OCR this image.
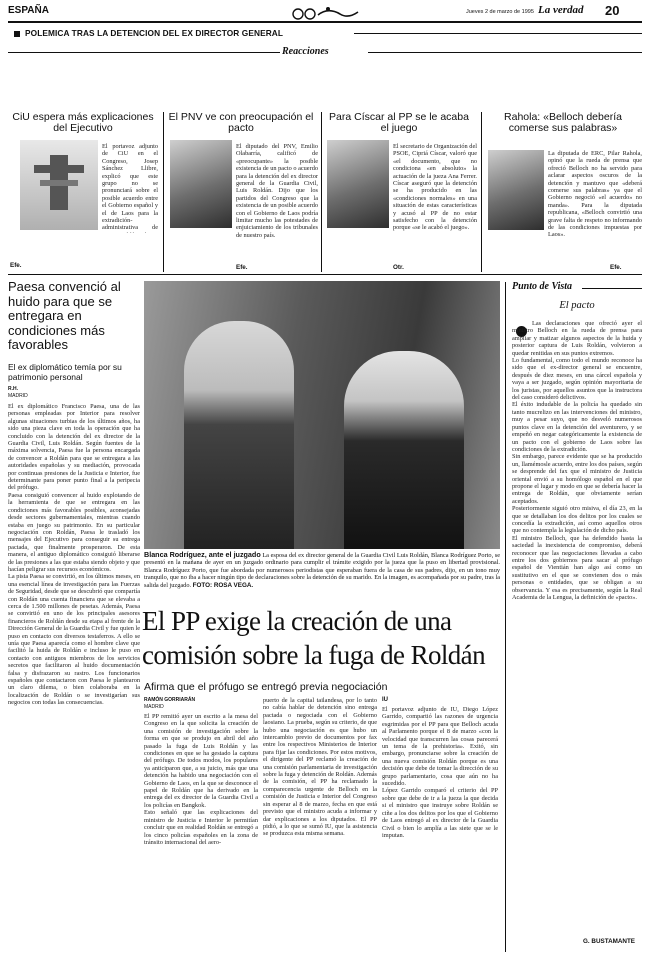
ESPAÑA	Jueves 2 de marzo de 1995 La verdad 20
POLEMICA TRAS LA DETENCION DEL EX DIRECTOR GENERAL
Reacciones
CiU espera más explicaciones del Ejecutivo
El portavoz adjunto de CiU en el Congreso, Josep Sánchez Llibre, explicó que este grupo no se pronunciará sobre el posible acuerdo entre el Gobierno español y el de Laos para la extradición-administrativa de
Efe.
El PNV ve con preocupación el pacto
El diputado del PNV, Emilio Olabarría, calificó de «preocupante» la posible existencia de un pacto o acuerdo para la detención del ex director general de la Guardia Civil, Luis Roldán. Dijo que los partidos del Congreso que la existencia de un posible acuerdo con el Gobierno de Laos podría limitar mucho las potestades de enjuiciamiento de los tribunales de nuestro país.
Efe.
Para Císcar al PP se le acaba el juego
El secretario de Organización del PSOE, Cipriá Císcar, valoró que «el documento, que no condiciona «en absoluto» la actuación de la jueza Ana Ferrer. Císcar aseguró que la detención se ha producido en las «condiciones normales» en una situación de estas características y acusó al PP de no estar satisfecho con la detención porque «se le acabó el juego».
Otr.
Rahola: «Belloch debería comerse sus palabras»
La diputada de ERC, Pilar Rahola, opinó que la rueda de prensa que ofreció Belloch no ha servido para aclarar aspectos oscuros de la detención y mantuvo que «deberá comerse sus palabras» ya que el Gobierno negoció «el acuerdo» no manda». Para la diputada republicana, «Belloch convirtió una grave falta de respeto no informando de las condiciones impuestas por Laos».
Efe.
Paesa convenció al huido para que se entregara en condiciones más favorables
El ex diplomático temía por su patrimonio personal
R.H.
MADRID
El ex diplomático Francisco Paesa, una de las personas empleadas por Interior para resolver algunas situaciones turbias de los últimos años, ha sido una pieza clave en toda la operación que ha concluido con la detención del ex director de la Guardia Civil, Luis Roldán. Según fuentes de la máxima solvencia, Paesa fue la persona encargada de convencer a Roldán para que se entregara a las autoridades españolas y su mediación, provocada por continuas presiones de la Justicia e Interior, fue determinante para poner punto final a la peripecia del prófugo.
Paesa consiguió convencer al huido explotando de la herramienta de que se entregara en las condiciones más favorables posibles, aconsejadas desde sectores gubernamentales, mientras cuando estaba en juego su patrimonio. En su particular negociación con Roldán, Paesa le trasladó los mensajes del Ejecutivo para conseguir su entrega pactada, que finalmente prosperaron. De esta manera, el antiguo diplomático consiguió liberarse de las presiones a las que estaba siendo objeto y que hacían peligrar sus recursos económicos.
La pista Paesa se convirtió, en los últimos meses, en una esencial línea de investigación para las Fuerzas de Seguridad, desde que se descubrió que compartía con Roldán una cuenta financiera que se elevaba a cerca de 1.500 millones de pesetas. Además, Paesa se convirtió en uno de los principales asesores financieros de Roldán desde su etapa al frente de la Dirección General de la Guardia Civil y fue quien le puso en contacto con diversos testaferros. A ello se unía que Paesa aparecía como el hombre clave que facilitó la huida de Roldán e incluso le puso en contacto con antiguos miembros de los servicios secretos que facilitaron al huido documentación falsa y disfrazaron su rastro. Los funcionarios españoles que contactaron con Paesa le plantearon un claro dilema, o bien colaboraba en la localización de Roldán o se investigarían sus negocios con todas las consecuencias.
Blanca Rodríguez, ante el juzgado La esposa del ex director general de la Guardia Civil Luis Roldán, Blanca Rodríguez Porto, se presentó en la mañana de ayer en un juzgado ordinario para cumplir el trámite exigido por la jueza que la puso en libertad provisional. Blanca Rodríguez Porto, que fue abordada por numerosos periodistas que esperaban fuera de la casa de sus padres, dijo, en un tono muy tranquilo, que no iba a hacer ningún tipo de declaraciones sobre la detención de su marido. En la imagen, es acompañada por su padre, tras la salida del juzgado. FOTO: ROSA VEGA.
El PP exige la creación de una
comisión sobre la fuga de Roldán
Afirma que el prófugo se entregó previa negociación
RAMÓN GORRIARÁN
MADRID
El PP remitió ayer un escrito a la mesa del Congreso en la que solicita la creación de una comisión de investigación sobre la forma en que se produjo en abril del año pasado la fuga de Luis Roldán y las condiciones en que se ha gestado la captura del prófugo. De todos modos, los populares ya anticiparon que, a su juicio, más que una detención ha habido una negociación con el Gobierno de Laos, en la que se desconoce el papel de Roldán que ha derivado en la entrega del ex director de la Guardia Civil a los policías en Bangkok.
Esto señaló que las explicaciones del ministro de Justicia e Interior le permitían concluir que en realidad Roldán se entregó a los cinco policías españoles en la zona de tránsito internacional del aero-
puerto de la capital tailandesa, por lo tanto no cabía hablar de detención sino entrega pactada o negociada con el Gobierno laosiano. La prueba, según su criterio, de que hubo una negociación es que hubo un intercambio previo de documentos por fax entre los respectivos Ministerios de Interior para fijar las condiciones. Por estos motivos, el dirigente del PP reclamó la creación de una comisión parlamentaria de investigación sobre la fuga y detención de Roldán. Además de la comisión, el PP ha reclamado la comparecencia urgente de Belloch en la comisión de Justicia e Interior del Congreso sin esperar al 8 de marzo, fecha en que está previsto que el ministro acuda a informar y dar explicaciones a los diputados. El PP pidió, a lo que se sumó IU, que la asistencia se produzca esta misma semana.
IU
El portavoz adjunto de IU, Diego López Garrido, compartió las razones de urgencia esgrimidas por el PP para que Belloch acuda al Parlamento porque el 8 de marzo «con la velocidad que transcurren las cosas parecerá un tema de la prehistoria». Exitó, sin embargo, pronunciarse sobre la creación de una nueva comisión Roldán porque es una decisión que debe de tomar la dirección de su grupo parlamentario, cosa que aún no ha sucedido.
López Garrido comparó el criterio del PP sobre que debe de ir a la jueza la que decida si el ministro que instruye sobre Roldán se ciñe a los dos delitos por los que el Gobierno de Laos entregó al ex director de la Guardia Civil o bien lo amplía a las siete que se le imputan.
Punto de Vista
El pacto
Las declaraciones que ofreció ayer el ministro Belloch en la rueda de prensa para ampliar y matizar algunos aspectos de la huida y posterior captura de Luis Roldán, volvieron a quedar renitidas en sus puntos extremos.
Lo fundamental, como todo el mundo reconoce ha sido que el ex-director general se encuentre, después de diez meses, en una cárcel española y vaya a ser juzgado, según opinión mayoritaria de los juristas, por aquellos asuntos que la instructora del caso consideró delictivos.
El éxito indudable de la policía ha quedado sin tanto mucrelizo en las intervenciones del ministro, muy a pesar suyo, que no desveló numerosos puntos clave en la detención del aventurero, y se empeñó en negar categóricamente la existencia de un pacto con el gobierno de Laos sobre las condiciones de la extradición.
Sin embargo, parece evidente que se ha producido un, llamémosle acuerdo, entre los dos países, según se desprende del fax que el ministro de Justicia oriental envió a su homólogo español en el que propone el lugar y modo en que se debería hacer la entrega de Roldán, que obviamente serían aceptados.
Posteriormente siguió otro misiva, el día 23, en la que se detallaban los dos delitos por los cuales se concedía la extradición, así como aquellos otros que no contempla la legislación de dicho país.
El ministro Belloch, que ha defendido hasta la saciedad la inexistencia de compromiso, deberá reconocer que las negociaciones llevadas a cabo entre los dos gobiernos para sacar al prófugo español de Vientián han algo así como un sustitutivo en el que se convienen dos o más personas o entidades, que se obligan a su observancia. Y esa es precisamente, según la Real Academia de la Lengua, la definición de «pacto».
G. BUSTAMANTE
